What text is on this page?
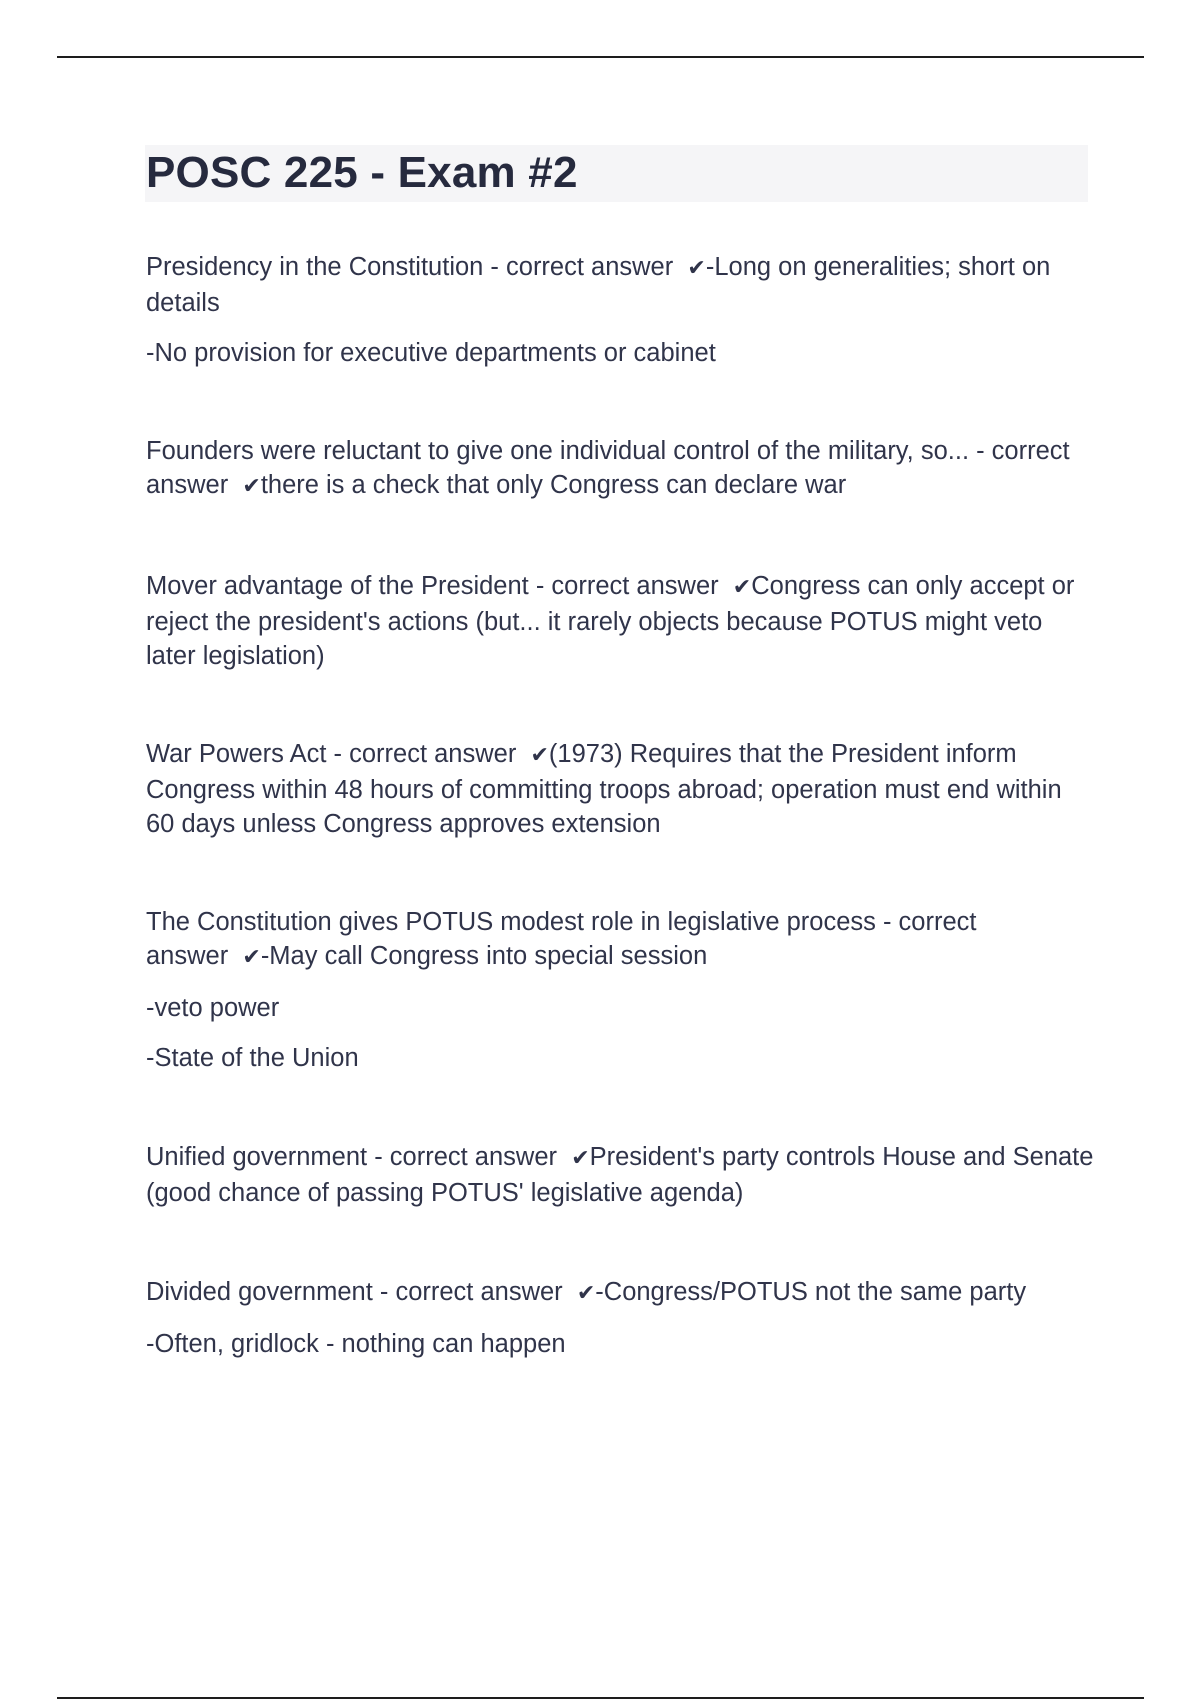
POSC 225 - Exam #2

Presidency in the Constitution - correct answer ✔-Long on generalities; short on details

-No provision for executive departments or cabinet

Founders were reluctant to give one individual control of the military, so... - correct answer ✔there is a check that only Congress can declare war

Mover advantage of the President - correct answer ✔Congress can only accept or reject the president's actions (but... it rarely objects because POTUS might veto later legislation)

War Powers Act - correct answer ✔(1973) Requires that the President inform Congress within 48 hours of committing troops abroad; operation must end within 60 days unless Congress approves extension

The Constitution gives POTUS modest role in legislative process - correct answer ✔-May call Congress into special session

-veto power
-State of the Union

Unified government - correct answer ✔President's party controls House and Senate (good chance of passing POTUS' legislative agenda)

Divided government - correct answer ✔-Congress/POTUS not the same party

-Often, gridlock - nothing can happen
